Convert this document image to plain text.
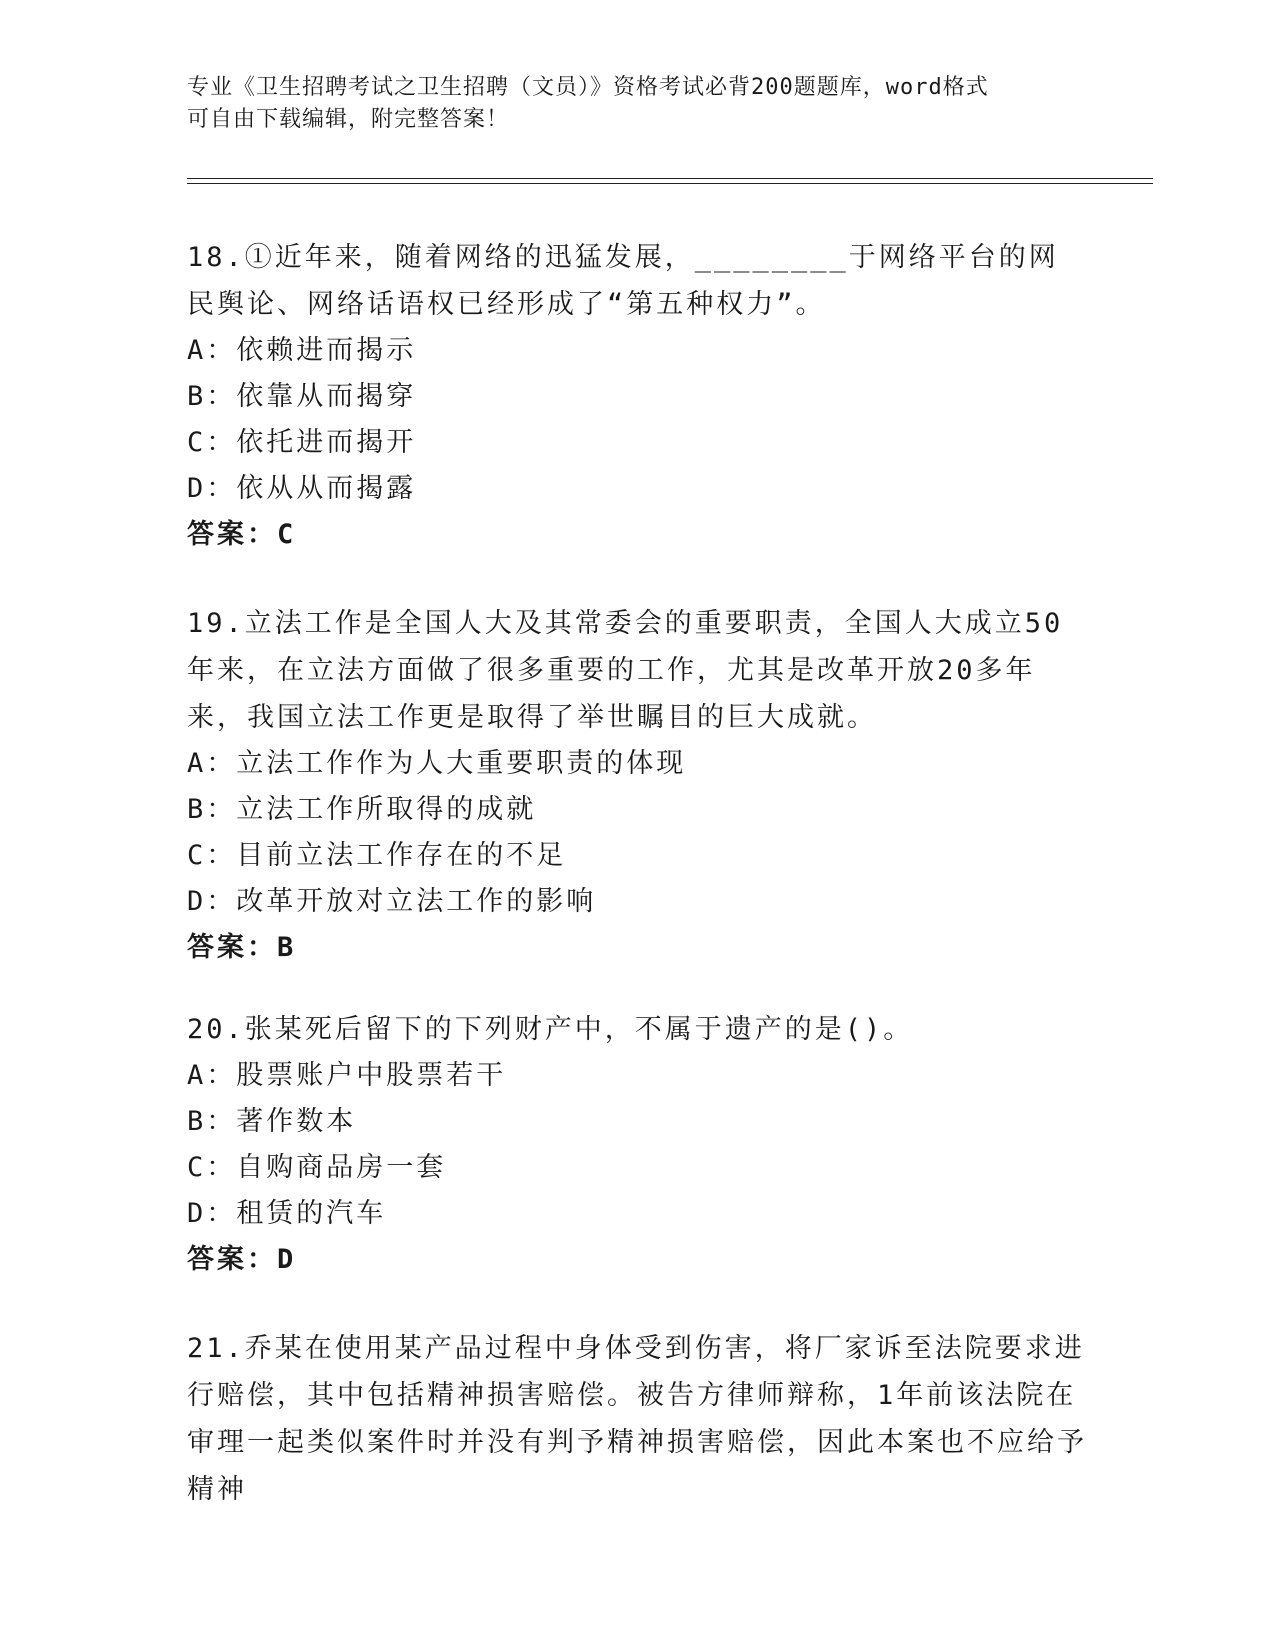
专业《卫生招聘考试之卫生招聘（文员）》资格考试必背200题题库，word格式
可自由下载编辑，附完整答案！

18.①近年来，随着网络的迅猛发展，________于网络平台的网民舆论、网络话语权已经形成了“第五种权力”。

A：依赖进而揭示

B：依靠从而揭穿

C：依托进而揭开

D：依从从而揭露

答案：C

19.立法工作是全国人大及其常委会的重要职责，全国人大成立50年来，在立法方面做了很多重要的工作，尤其是改革开放20多年来，我国立法工作更是取得了举世瞩目的巨大成就。

A：立法工作作为人大重要职责的体现

B：立法工作所取得的成就

C：目前立法工作存在的不足

D：改革开放对立法工作的影响

答案：B

20.张某死后留下的下列财产中，不属于遗产的是()。

A：股票账户中股票若干

B：著作数本

C：自购商品房一套

D：租赁的汽车

答案：D

21.乔某在使用某产品过程中身体受到伤害，将厂家诉至法院要求进行赔偿，其中包括精神损害赔偿。被告方律师辩称，1年前该法院在审理一起类似案件时并没有判予精神损害赔偿，因此本案也不应给予精神
